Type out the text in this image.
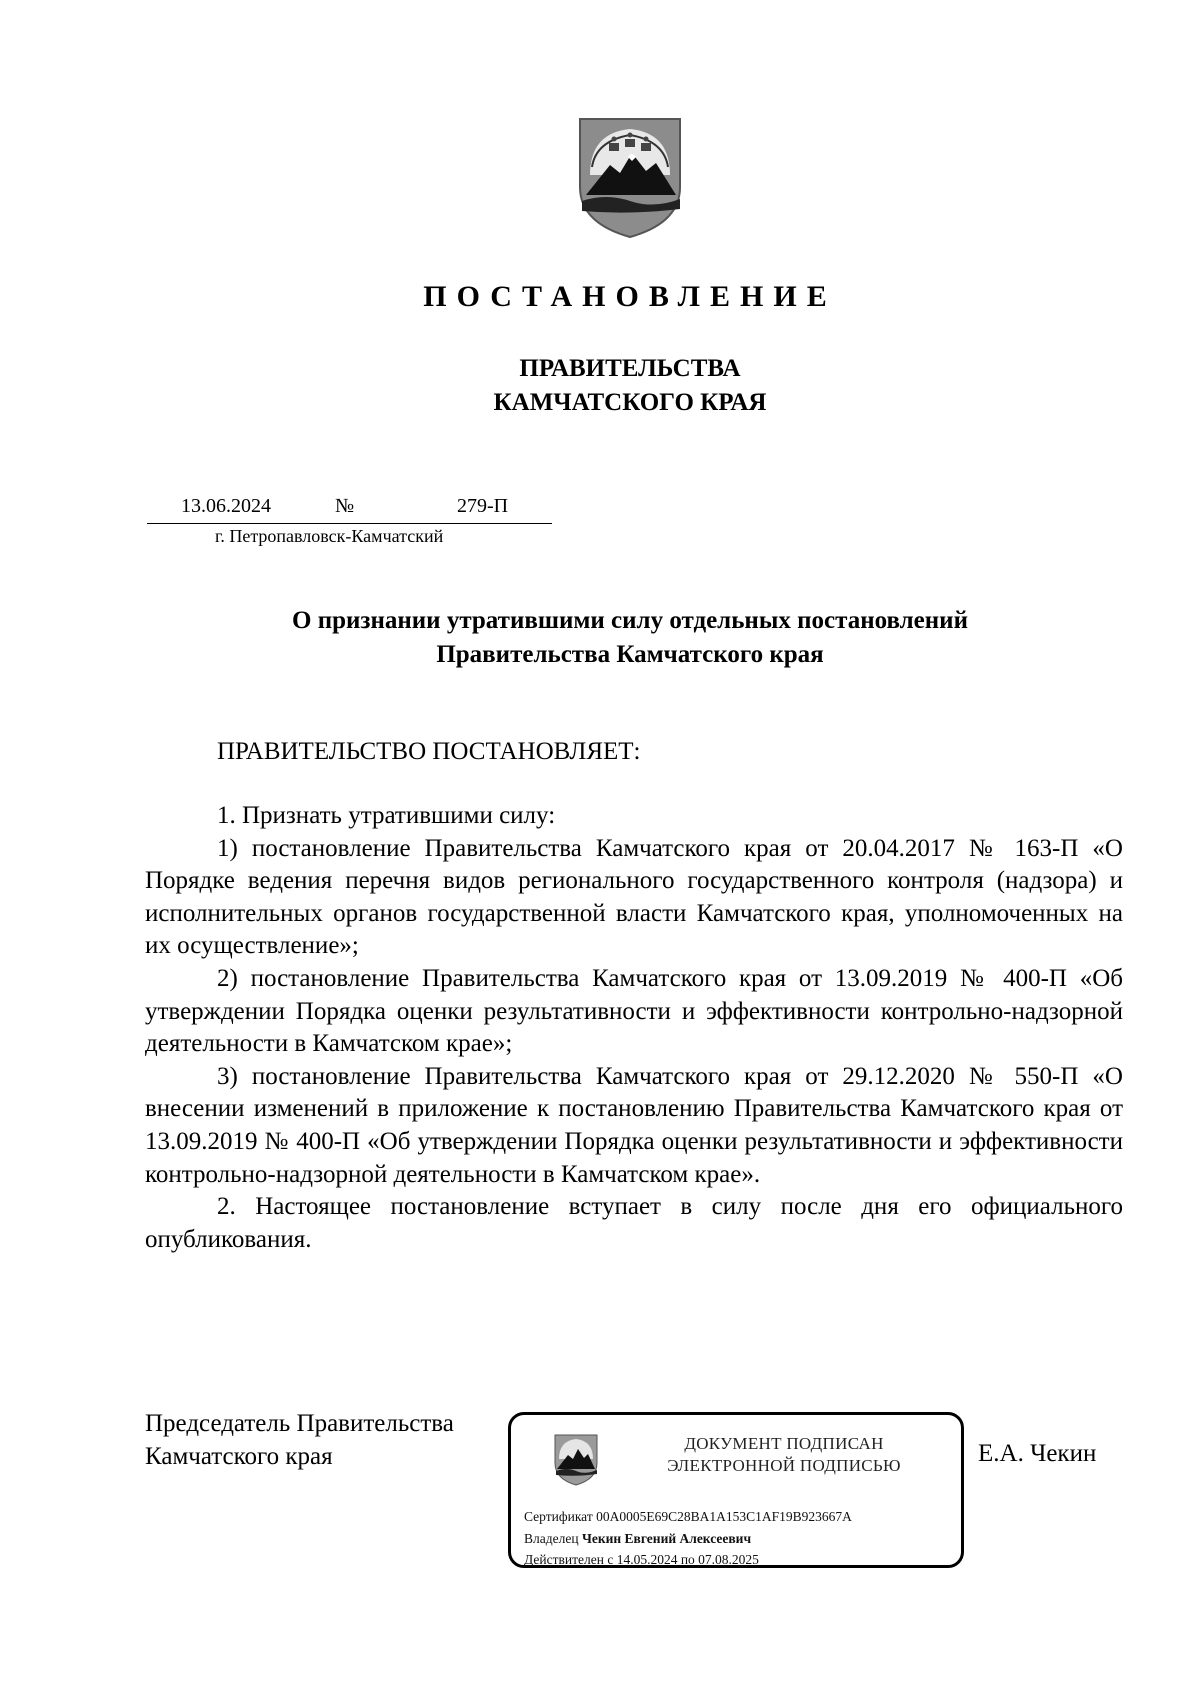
ПОСТАНОВЛЕНИЕ
ПРАВИТЕЛЬСТВА
КАМЧАТСКОГО КРАЯ
13.06.2024	№	279-П
г. Петропавловск-Камчатский
О признании утратившими силу отдельных постановлений
Правительства Камчатского края
ПРАВИТЕЛЬСТВО ПОСТАНОВЛЯЕТ:

1. Признать утратившими силу:

1) постановление Правительства Камчатского края от 20.04.2017 № 163-П «О Порядке ведения перечня видов регионального государственного контроля (надзора) и исполнительных органов государственной власти Камчатского края, уполномоченных на их осуществление»;

2) постановление Правительства Камчатского края от 13.09.2019 № 400-П «Об утверждении Порядка оценки результативности и эффективности контрольно-надзорной деятельности в Камчатском крае»;

3) постановление Правительства Камчатского края от 29.12.2020 № 550-П «О внесении изменений в приложение к постановлению Правительства Камчатского края от 13.09.2019 № 400-П «Об утверждении Порядка оценки результативности и эффективности контрольно-надзорной деятельности в Камчатском крае».

2. Настоящее постановление вступает в силу после дня его официального опубликования.

Председатель Правительства
Камчатского края	ДОКУМЕНТ ПОДПИСАН
ЭЛЕКТРОННОЙ ПОДПИСЬЮ
Сертификат 00A0005E69C28BA1A153C1AF19B923667A
Владелец Чекин Евгений Алексеевич
Действителен с 14.05.2024 по 07.08.2025
Е.А. Чекин
